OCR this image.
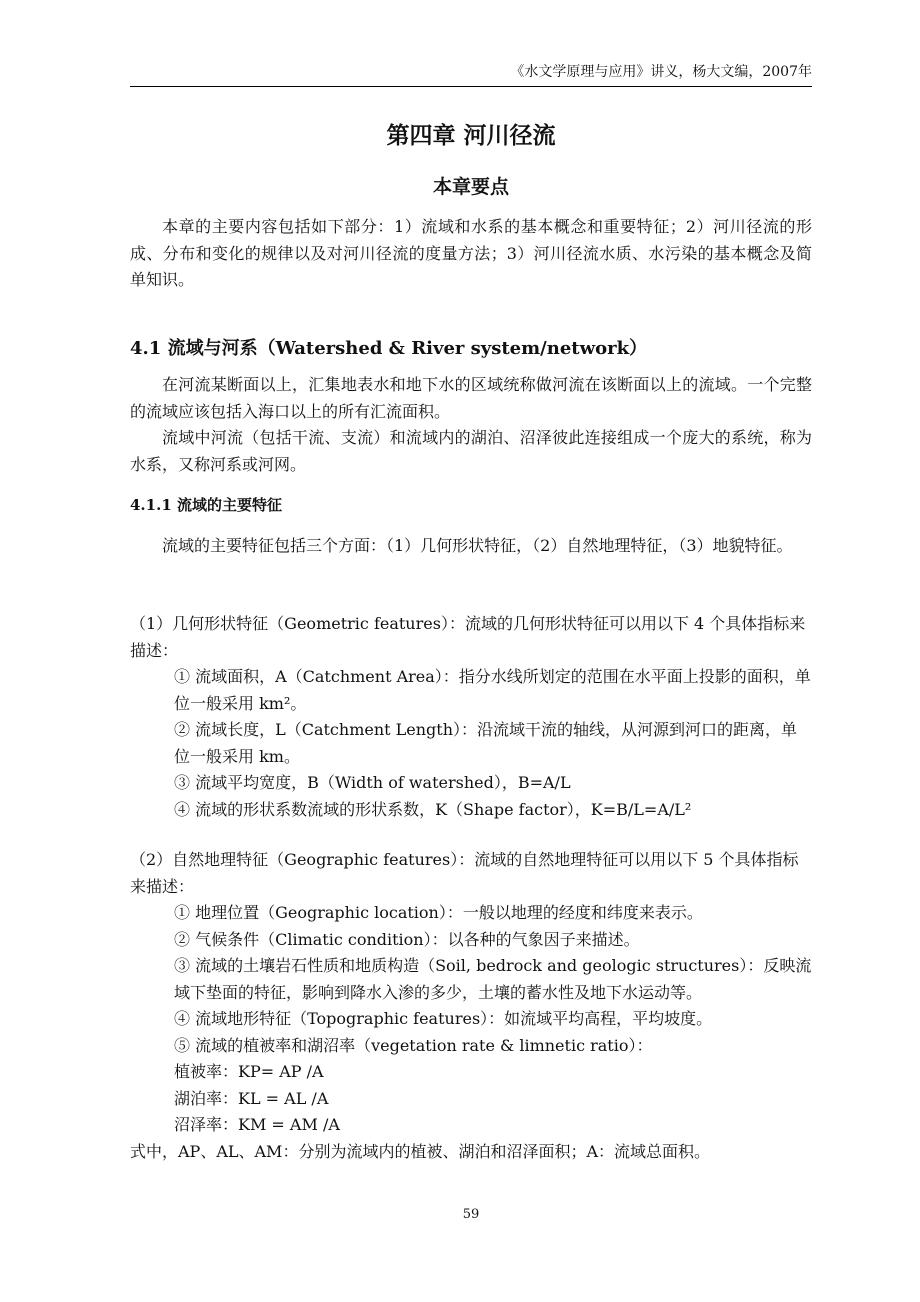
《水文学原理与应用》讲义，杨大文编，2007年
第四章 河川径流
本章要点

本章的主要内容包括如下部分：1）流域和水系的基本概念和重要特征；2）河川径流的形成、分布和变化的规律以及对河川径流的度量方法；3）河川径流水质、水污染的基本概念及简单知识。

4.1 流域与河系（Watershed & River system/network）

在河流某断面以上，汇集地表水和地下水的区域统称做河流在该断面以上的流域。一个完整的流域应该包括入海口以上的所有汇流面积。

流域中河流（包括干流、支流）和流域内的湖泊、沼泽彼此连接组成一个庞大的系统，称为水系，又称河系或河网。

4.1.1 流域的主要特征

流域的主要特征包括三个方面：（1）几何形状特征，（2）自然地理特征，（3）地貌特征。

（1）几何形状特征（Geometric features）：流域的几何形状特征可以用以下 4 个具体指标来描述：

① 流域面积，A（Catchment Area）：指分水线所划定的范围在水平面上投影的面积，单位一般采用 km²。

② 流域长度，L（Catchment Length）：沿流域干流的轴线，从河源到河口的距离，单位一般采用 km。

③ 流域平均宽度，B（Width of watershed），B=A/L

④ 流域的形状系数流域的形状系数，K（Shape factor），K=B/L=A/L²

（2）自然地理特征（Geographic features）：流域的自然地理特征可以用以下 5 个具体指标来描述：

① 地理位置（Geographic location）：一般以地理的经度和纬度来表示。

② 气候条件（Climatic condition）：以各种的气象因子来描述。

③ 流域的土壤岩石性质和地质构造（Soil, bedrock and geologic structures）：反映流域下垫面的特征，影响到降水入渗的多少，土壤的蓄水性及地下水运动等。

④ 流域地形特征（Topographic features）：如流域平均高程，平均坡度。

⑤ 流域的植被率和湖沼率（vegetation rate & limnetic ratio）：

植被率：KP= AP /A

湖泊率：KL = AL /A

沼泽率：KM = AM /A

式中，AP、AL、AM：分别为流域内的植被、湖泊和沼泽面积；A：流域总面积。

59
